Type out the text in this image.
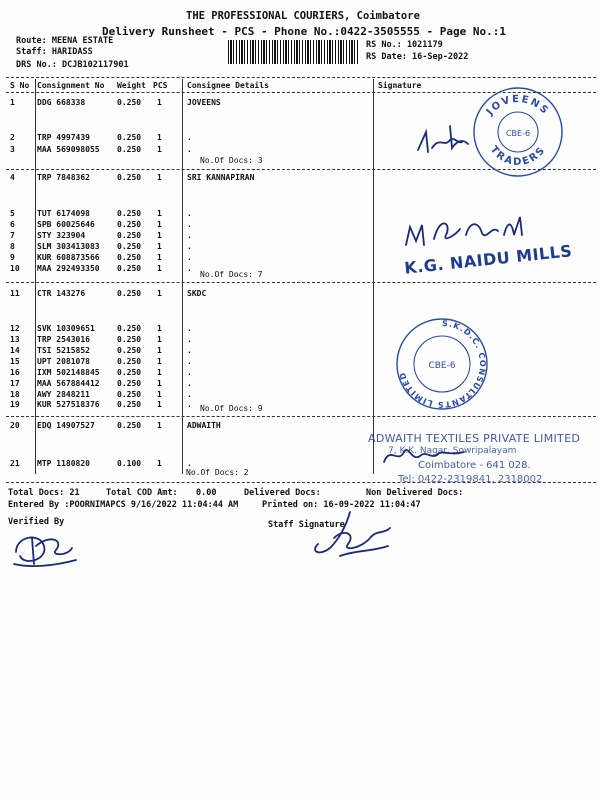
THE PROFESSIONAL COURIERS, Coimbatore
Delivery Runsheet - PCS - Phone No.:0422-3505555 - Page No.:1
Route: MEENA ESTATE
Staff: HARIDASS
DRS No.: DCJB102117901
RS No.: 1021179
RS Date: 16-Sep-2022
S No Consignment No Weight PCS Consignee Details	Signature
1	DDG 668338	0.250 1	JOVEENS
2	TRP 4997439	0.250 1	.
3	MAA 569098055 0.250 1	.
4	TRP 7848362	0.250 1	SRI KANNAPIRAN
5	TUT 6174098	0.250 1	.
6	SPB 60025646	0.250 1	.
7	STY 323904	0.250 1	.
8	SLM 303413083 0.250 1	.
9	KUR 608873566 0.250 1	.
10 MAA 292493350 0.250 1	.
11 CTR 143276	0.250 1	SKDC
12 SVK 10309651	0.250 1	.
13 TRP 2543016	0.250 1	.
14 TSI 5215852	0.250 1	.
15 UPT 2081078	0.250 1	.
16 IXM 502148845 0.250 1	.
17 MAA 567884412 0.250 1	.
18 AWY 2848211	0.250 1	.
19 KUR 527518376 0.250 1	.
20 EDQ 14907527	0.250 1	ADWAITH
21 MTP 1180820	0.100 1	.
No.Of Docs: 3
No.Of Docs: 7
No.Of Docs: 9
No.Of Docs: 2
JOVEENS
TRADERS
CBE-6
K.G. NAIDU MILLS
S.K.D.C. CONSULTANTS LIMITED
CBE-6
ADWAITH TEXTILES PRIVATE LIMITED
7, K.K. Nagar, Sowripalayam
Coimbatore - 641 028.
Tel: 0422-2319841, 2318002
Total Docs: 21	Total COD Amt: 0.00	Delivered Docs:	Non Delivered Docs:
Entered By :POORNIMAPCS 9/16/2022 11:04:44 AM	Printed on: 16-09-2022 11:04:47
Verified By	Staff Signature
